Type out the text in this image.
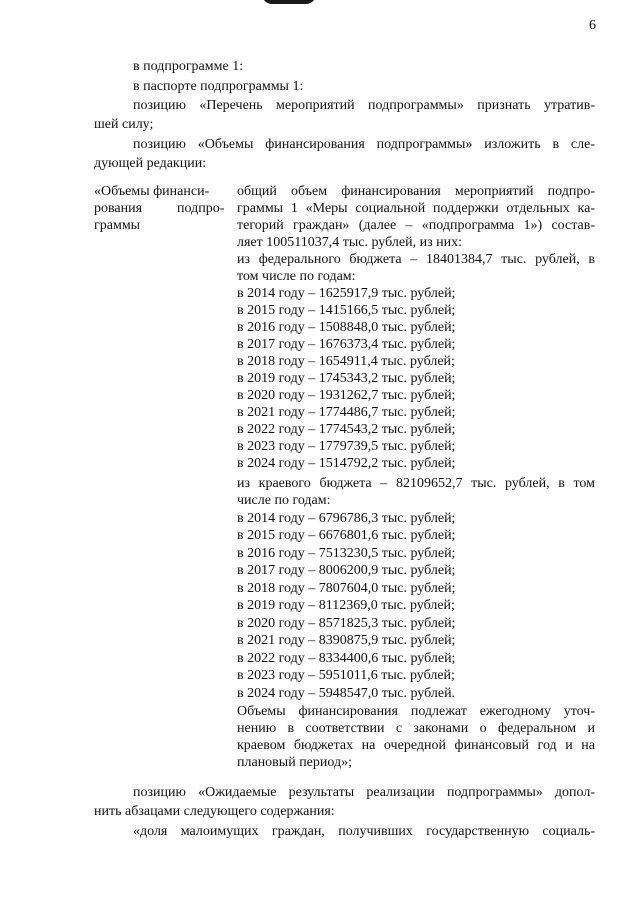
6
в подпрограмме 1:
в паспорте подпрограммы 1:
позицию «Перечень мероприятий подпрограммы» признать утратив-
шей силу;
позицию «Объемы финансирования подпрограммы» изложить в сле-
дующей редакции:
«Объемы финанси-
рования подпро-
граммы
общий объем финансирования мероприятий подпро-
граммы 1 «Меры социальной поддержки отдельных ка-
тегорий граждан» (далее – «подпрограмма 1») состав-
ляет 100511037,4 тыс. рублей, из них:
из федерального бюджета – 18401384,7 тыс. рублей, в
том числе по годам:
в 2014 году – 1625917,9 тыс. рублей;
в 2015 году – 1415166,5 тыс. рублей;
в 2016 году – 1508848,0 тыс. рублей;
в 2017 году – 1676373,4 тыс. рублей;
в 2018 году – 1654911,4 тыс. рублей;
в 2019 году – 1745343,2 тыс. рублей;
в 2020 году – 1931262,7 тыс. рублей;
в 2021 году – 1774486,7 тыс. рублей;
в 2022 году – 1774543,2 тыс. рублей;
в 2023 году – 1779739,5 тыс. рублей;
в 2024 году – 1514792,2 тыс. рублей;
из краевого бюджета – 82109652,7 тыс. рублей, в том
числе по годам:
в 2014 году – 6796786,3 тыс. рублей;
в 2015 году – 6676801,6 тыс. рублей;
в 2016 году – 7513230,5 тыс. рублей;
в 2017 году – 8006200,9 тыс. рублей;
в 2018 году – 7807604,0 тыс. рублей;
в 2019 году – 8112369,0 тыс. рублей;
в 2020 году – 8571825,3 тыс. рублей;
в 2021 году – 8390875,9 тыс. рублей;
в 2022 году – 8334400,6 тыс. рублей;
в 2023 году – 5951011,6 тыс. рублей;
в 2024 году – 5948547,0 тыс. рублей.
Объемы финансирования подлежат ежегодному уточ-
нению в соответствии с законами о федеральном и
краевом бюджетах на очередной финансовый год и на
плановый период»;
позицию «Ожидаемые результаты реализации подпрограммы» допол-
нить абзацами следующего содержания:
«доля малоимущих граждан, получивших государственную социаль-
